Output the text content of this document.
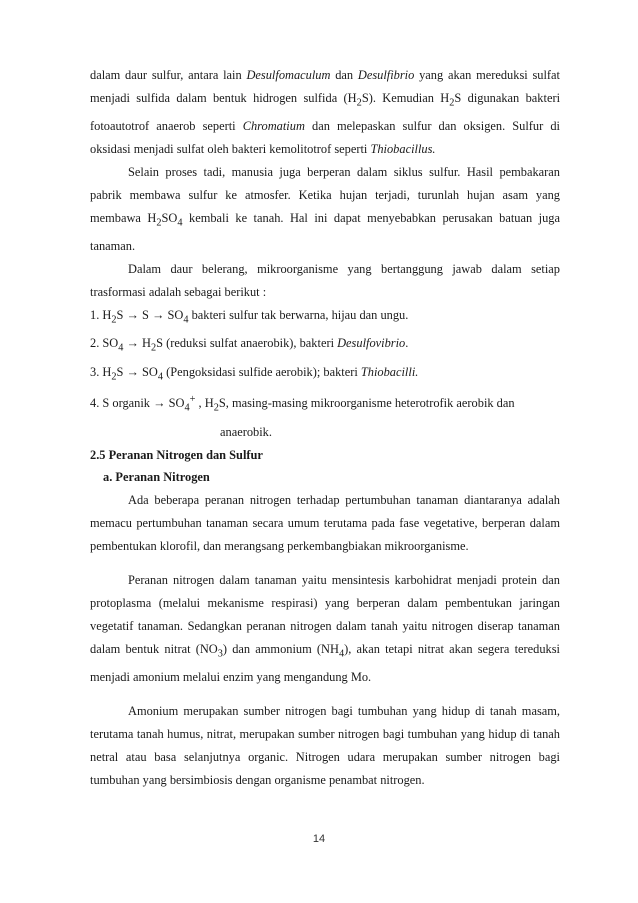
dalam daur sulfur, antara lain Desulfomaculum dan Desulfibrio yang akan mereduksi sulfat menjadi sulfida dalam bentuk hidrogen sulfida $(H_2S)$. Kemudian $H_2S$ digunakan bakteri fotoautotrof anaerob seperti Chromatium dan melepaskan sulfur dan oksigen. Sulfur di oksidasi menjadi sulfat oleh bakteri kemolitotrof seperti Thiobacillus.

Selain proses tadi, manusia juga berperan dalam siklus sulfur. Hasil pembakaran pabrik membawa sulfur ke atmosfer. Ketika hujan terjadi, turunlah hujan asam yang membawa $H_2SO_4$ kembali ke tanah. Hal ini dapat menyebabkan perusakan batuan juga tanaman.

Dalam daur belerang, mikroorganisme yang bertanggung jawab dalam setiap trasformasi adalah sebagai berikut :

1. $H_2S \to S \to SO_4$ bakteri sulfur tak berwarna, hijau dan ungu.

2. $SO_4 \to H_2S$ (reduksi sulfat anaerobik), bakteri Desulfovibrio.

3. $H_2S \to SO_4$ (Pengoksidasi sulfide aerobik); bakteri Thiobacilli.

4. S organik → $SO_4^+$ , $H_2S$, masing-masing mikroorganisme heterotrofik aerobik dan

anaerobik.

2.5 Peranan Nitrogen dan Sulfur

a. Peranan Nitrogen

Ada beberapa peranan nitrogen terhadap pertumbuhan tanaman diantaranya adalah memacu pertumbuhan tanaman secara umum terutama pada fase vegetative, berperan dalam pembentukan klorofil, dan merangsang perkembangbiakan mikroorganisme.

Peranan nitrogen dalam tanaman yaitu mensintesis karbohidrat menjadi protein dan protoplasma (melalui mekanisme respirasi) yang berperan dalam pembentukan jaringan vegetatif tanaman. Sedangkan peranan nitrogen dalam tanah yaitu nitrogen diserap tanaman dalam bentuk nitrat $(NO_3)$ dan ammonium $(NH_4)$, akan tetapi nitrat akan segera tereduksi menjadi amonium melalui enzim yang mengandung Mo.

Amonium merupakan sumber nitrogen bagi tumbuhan yang hidup di tanah masam, terutama tanah humus, nitrat, merupakan sumber nitrogen bagi tumbuhan yang hidup di tanah netral atau basa selanjutnya organic. Nitrogen udara merupakan sumber nitrogen bagi tumbuhan yang bersimbiosis dengan organisme penambat nitrogen.

14
